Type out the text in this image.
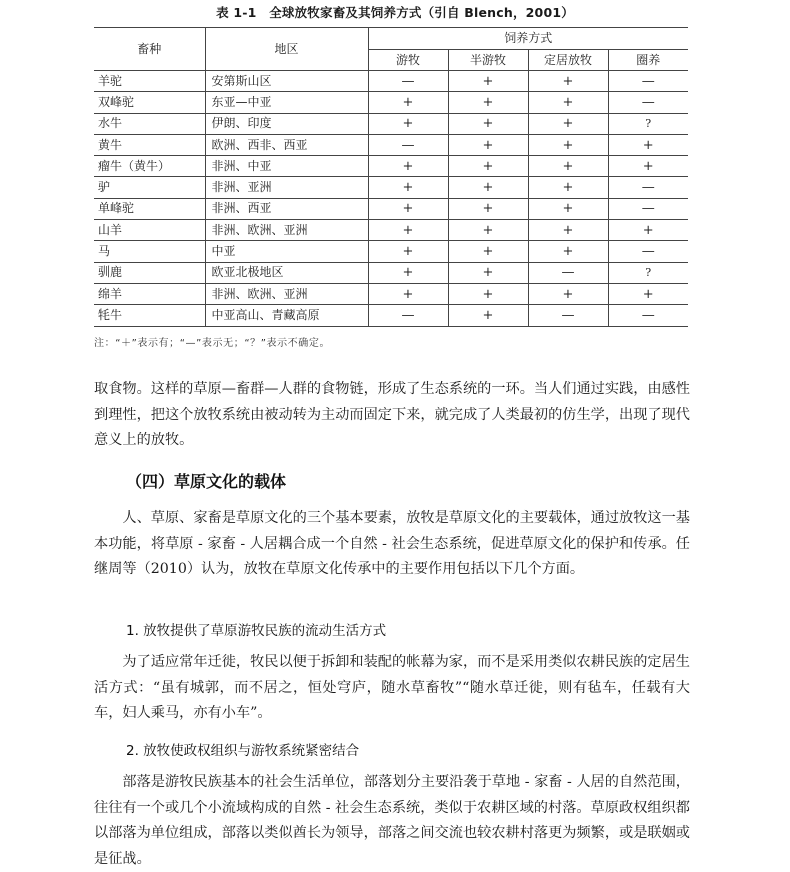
表 1-1　全球放牧家畜及其饲养方式（引自 Blench，2001）
畜种	地区	饲养方式			
		游牧	半游牧	定居放牧	圈养
羊驼	安第斯山区	—	+	+	—
双峰驼	东亚—中亚	+	+	+	—
水牛	伊朗、印度	+	+	+	?
黄牛	欧洲、西非、西亚	—	+	+	+
瘤牛（黄牛）	非洲、中亚	+	+	+	+
驴	非洲、亚洲	+	+	+	—
单峰驼	非洲、西亚	+	+	+	—
山羊	非洲、欧洲、亚洲	+	+	+	+
马	中亚	+	+	+	—
驯鹿	欧亚北极地区	+	+	—	?
绵羊	非洲、欧洲、亚洲	+	+	+	+
牦牛	中亚高山、青藏高原	—	+	—	—
注：“＋”表示有；“—”表示无；“？”表示不确定。

取食物。这样的草原—畜群—人群的食物链，形成了生态系统的一环。当人们通过实践，由感性到理性，把这个放牧系统由被动转为主动而固定下来，就完成了人类最初的仿生学，出现了现代意义上的放牧。

（四）草原文化的载体

人、草原、家畜是草原文化的三个基本要素，放牧是草原文化的主要载体，通过放牧这一基本功能，将草原 - 家畜 - 人居耦合成一个自然 - 社会生态系统，促进草原文化的保护和传承。任继周等（2010）认为，放牧在草原文化传承中的主要作用包括以下几个方面。

1. 放牧提供了草原游牧民族的流动生活方式

为了适应常年迁徙，牧民以便于拆卸和装配的帐幕为家，而不是采用类似农耕民族的定居生活方式：“虽有城郭，而不居之，恒处穹庐，随水草畜牧”“随水草迁徙，则有毡车，任载有大车，妇人乘马，亦有小车”。

2. 放牧使政权组织与游牧系统紧密结合

部落是游牧民族基本的社会生活单位，部落划分主要沿袭于草地 - 家畜 - 人居的自然范围，往往有一个或几个小流域构成的自然 - 社会生态系统，类似于农耕区域的村落。草原政权组织都以部落为单位组成，部落以类似酋长为领导，部落之间交流也较农耕村落更为频繁，或是联姻或是征战。
